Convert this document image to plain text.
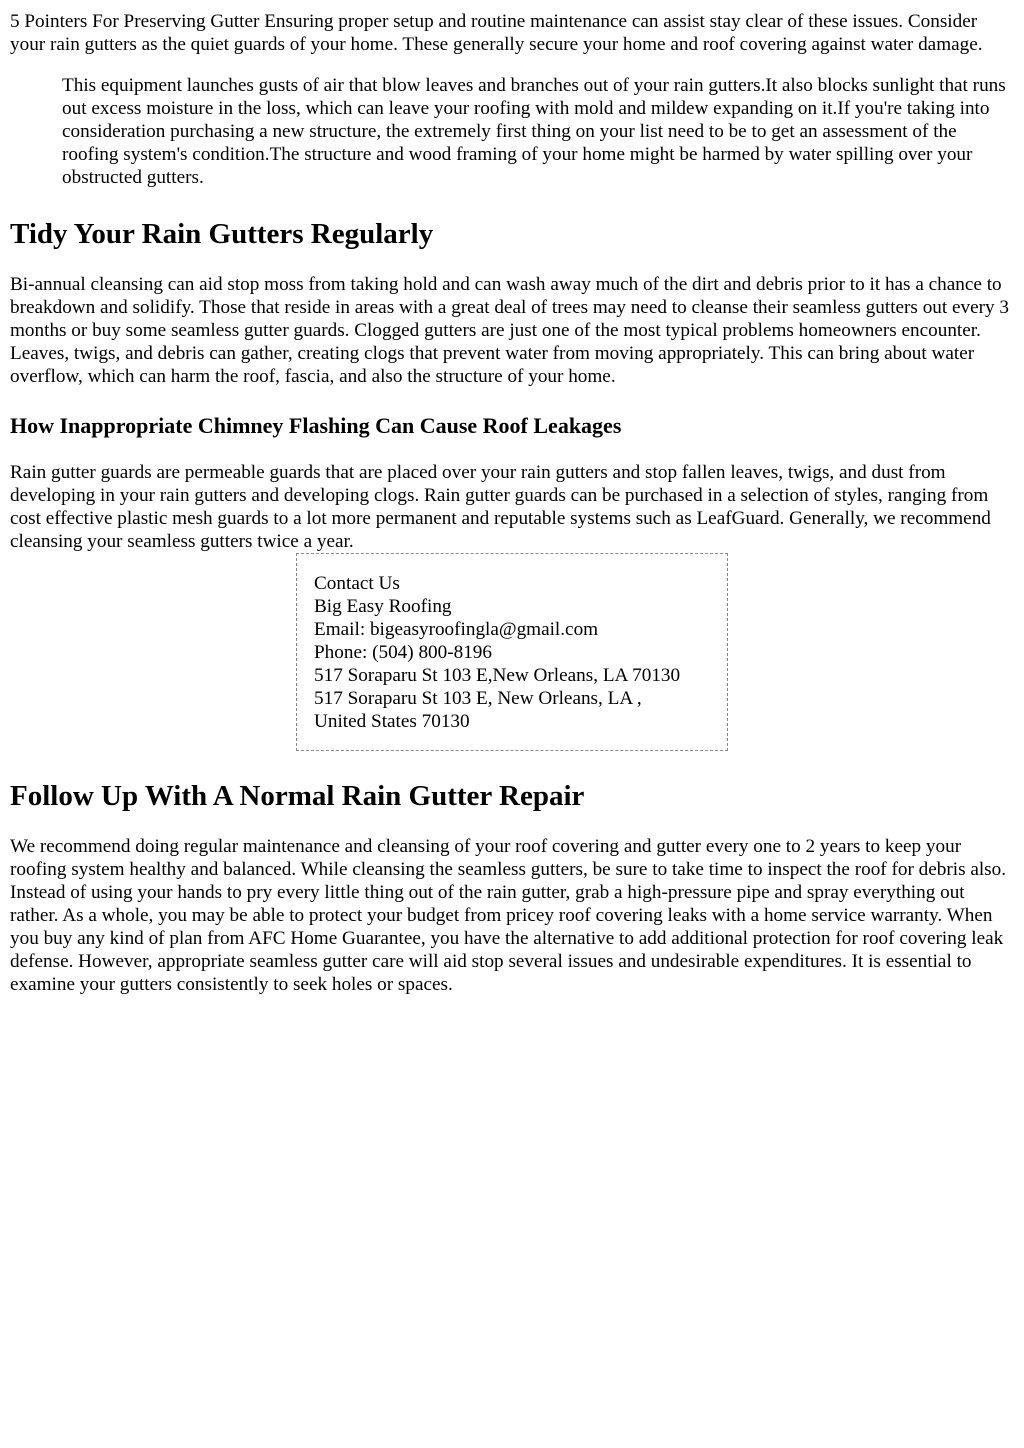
5 Pointers For Preserving Gutter Ensuring proper setup and routine maintenance can assist stay clear of these issues. Consider your rain gutters as the quiet guards of your home. These generally secure your home and roof covering against water damage.

This equipment launches gusts of air that blow leaves and branches out of your rain gutters.It also blocks sunlight that runs out excess moisture in the loss, which can leave your roofing with mold and mildew expanding on it.If you're taking into consideration purchasing a new structure, the extremely first thing on your list need to be to get an assessment of the roofing system's condition.The structure and wood framing of your home might be harmed by water spilling over your obstructed gutters.

Tidy Your Rain Gutters Regularly

Bi-annual cleansing can aid stop moss from taking hold and can wash away much of the dirt and debris prior to it has a chance to breakdown and solidify. Those that reside in areas with a great deal of trees may need to cleanse their seamless gutters out every 3 months or buy some seamless gutter guards. Clogged gutters are just one of the most typical problems homeowners encounter. Leaves, twigs, and debris can gather, creating clogs that prevent water from moving appropriately. This can bring about water overflow, which can harm the roof, fascia, and also the structure of your home.

How Inappropriate Chimney Flashing Can Cause Roof Leakages

Rain gutter guards are permeable guards that are placed over your rain gutters and stop fallen leaves, twigs, and dust from developing in your rain gutters and developing clogs. Rain gutter guards can be purchased in a selection of styles, ranging from cost effective plastic mesh guards to a lot more permanent and reputable systems such as LeafGuard. Generally, we recommend cleansing your seamless gutters twice a year.

Contact Us
Big Easy Roofing
Email: bigeasyroofingla@gmail.com
Phone: (504) 800-8196
517 Soraparu St 103 E,New Orleans, LA 70130
517 Soraparu St 103 E, New Orleans, LA ,
United States 70130
Follow Up With A Normal Rain Gutter Repair

We recommend doing regular maintenance and cleansing of your roof covering and gutter every one to 2 years to keep your roofing system healthy and balanced. While cleansing the seamless gutters, be sure to take time to inspect the roof for debris also. Instead of using your hands to pry every little thing out of the rain gutter, grab a high-pressure pipe and spray everything out rather. As a whole, you may be able to protect your budget from pricey roof covering leaks with a home service warranty. When you buy any kind of plan from AFC Home Guarantee, you have the alternative to add additional protection for roof covering leak defense. However, appropriate seamless gutter care will aid stop several issues and undesirable expenditures. It is essential to examine your gutters consistently to seek holes or spaces.
